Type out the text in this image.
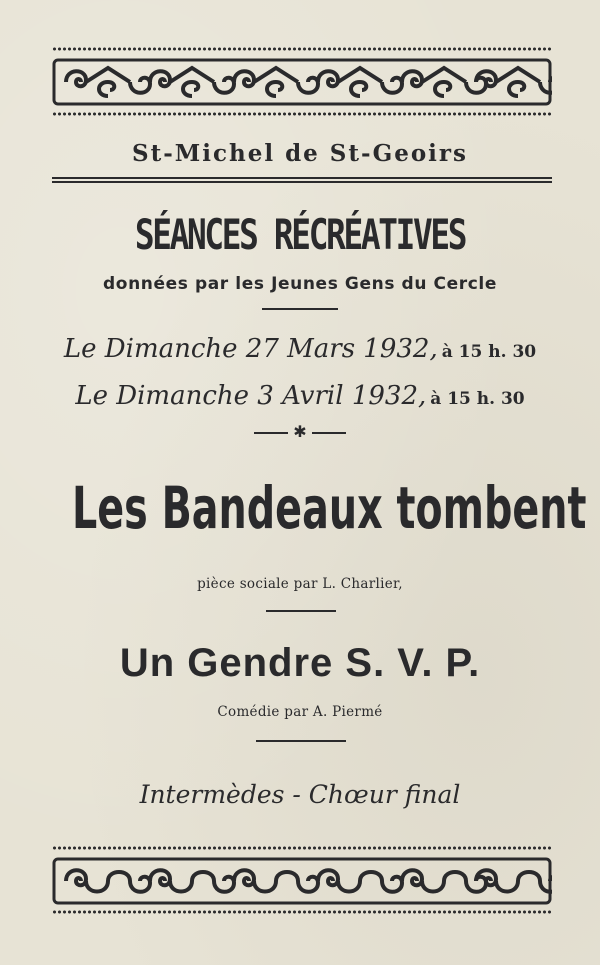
St-Michel de St-Geoirs
SÉANCES RÉCRÉATIVES
données par les Jeunes Gens du Cercle
Le Dimanche 27 Mars 1932, à 15 h. 30
Le Dimanche 3 Avril 1932, à 15 h. 30
✱
Les Bandeaux tombent
pièce sociale par L. Charlier,
Un Gendre S. V. P.
Comédie par A. Piermé
Intermèdes - Chœur final
